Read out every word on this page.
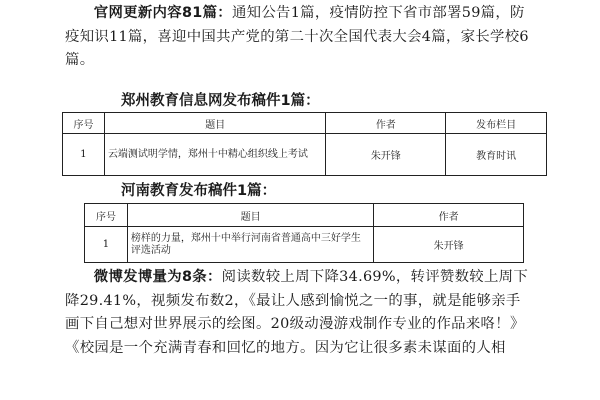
官网更新内容81篇：通知公告1篇，疫情防控下省市部署59篇，防疫知识11篇，喜迎中国共产党的第二十次全国代表大会4篇，家长学校6篇。

郑州教育信息网发布稿件1篇：
序号	题目	作者	发布栏目
1	云端测试明学情，郑州十中精心组织线上考试	朱开锋	教育时讯
河南教育发布稿件1篇：
序号	题目	作者
1	榜样的力量，郑州十中举行河南省普通高中三好学生评选活动	朱开锋

微博发博量为8条：阅读数较上周下降34.69%，转评赞数较上周下降29.41%，视频发布数2，《最让人感到愉悦之一的事，就是能够亲手画下自己想对世界展示的绘图。20级动漫游戏制作专业的作品来咯！》《校园是一个充满青春和回忆的地方。因为它让很多素未谋面的人相
